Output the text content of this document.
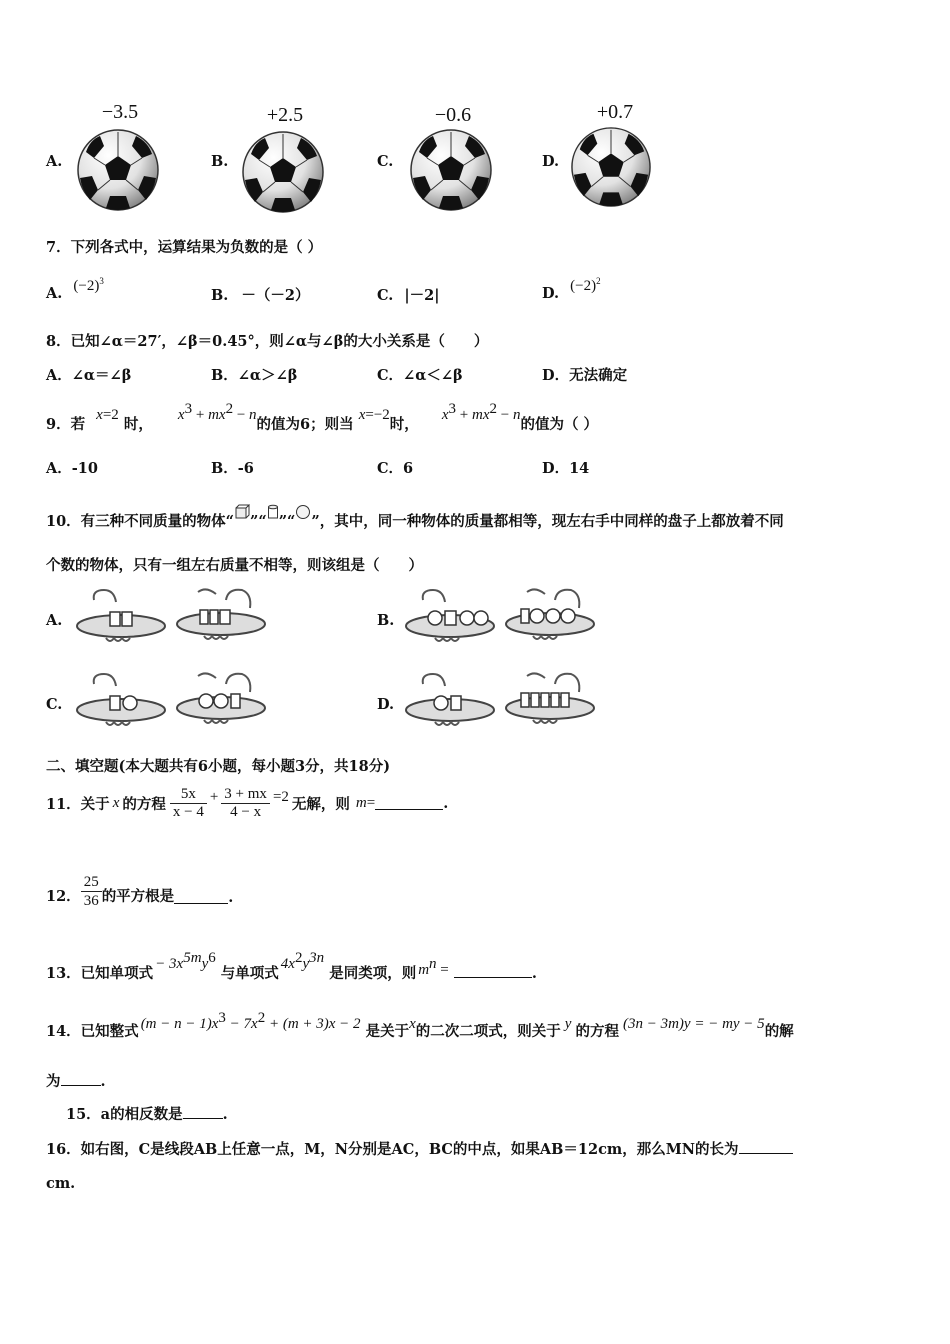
A.
−3.5
B.
+2.5
C.
−0.6
D.
+0.7
7．下列各式中，运算结果为负数的是（ ）
A. $(-2)^3$
B. －（－2）	C. |－2|	D. $(-2)^2$
8．已知∠α＝27′，∠β＝0.45°，则∠α与∠β的大小关系是（　　）
A．∠α＝∠β	B．∠α＞∠β	C．∠α＜∠β	D．无法确定
9．若 x=2 时， $x^3 + mx^2 - n$的值为6；则当 x=−2时， $x^3 + mx^2 - n$的值为（ ）
A．-10	B．-6	C．6	D．14
10．有三种不同质量的物体“ ”“ ”“ ”，其中，同一种物体的质量都相等，现左右手中同样的盘子上都放着不同
个数的物体，只有一组左右质量不相等，则该组是（　　）
A.	B.
C.	D.
二、填空题(本大题共有6小题，每小题3分，共18分)
11．关于 x 的方程 $\frac{5x}{x - 4} + \frac{3 + mx}{4 - x} =2$ 无解，则 m =	.
12． $\frac{25}{36}$ 的平方根是	.
13．已知单项式− $3x^{5m}y^6$ 与单项式$4x^2y^{3n}$ 是同类项，则 $m^n$ =	.
14．已知整式 $(m - n - 1)x^3 - 7x^2 + (m + 3)x - 2$ 是关于x的二次二项式，则关于 y 的方程 (3n − 3m)y = − my − 5的解
为	.
15．a的相反数是	.
16．如右图，C是线段AB上任意一点，M，N分别是AC，BC的中点，如果AB＝12cm，那么MN的长为
cm.
